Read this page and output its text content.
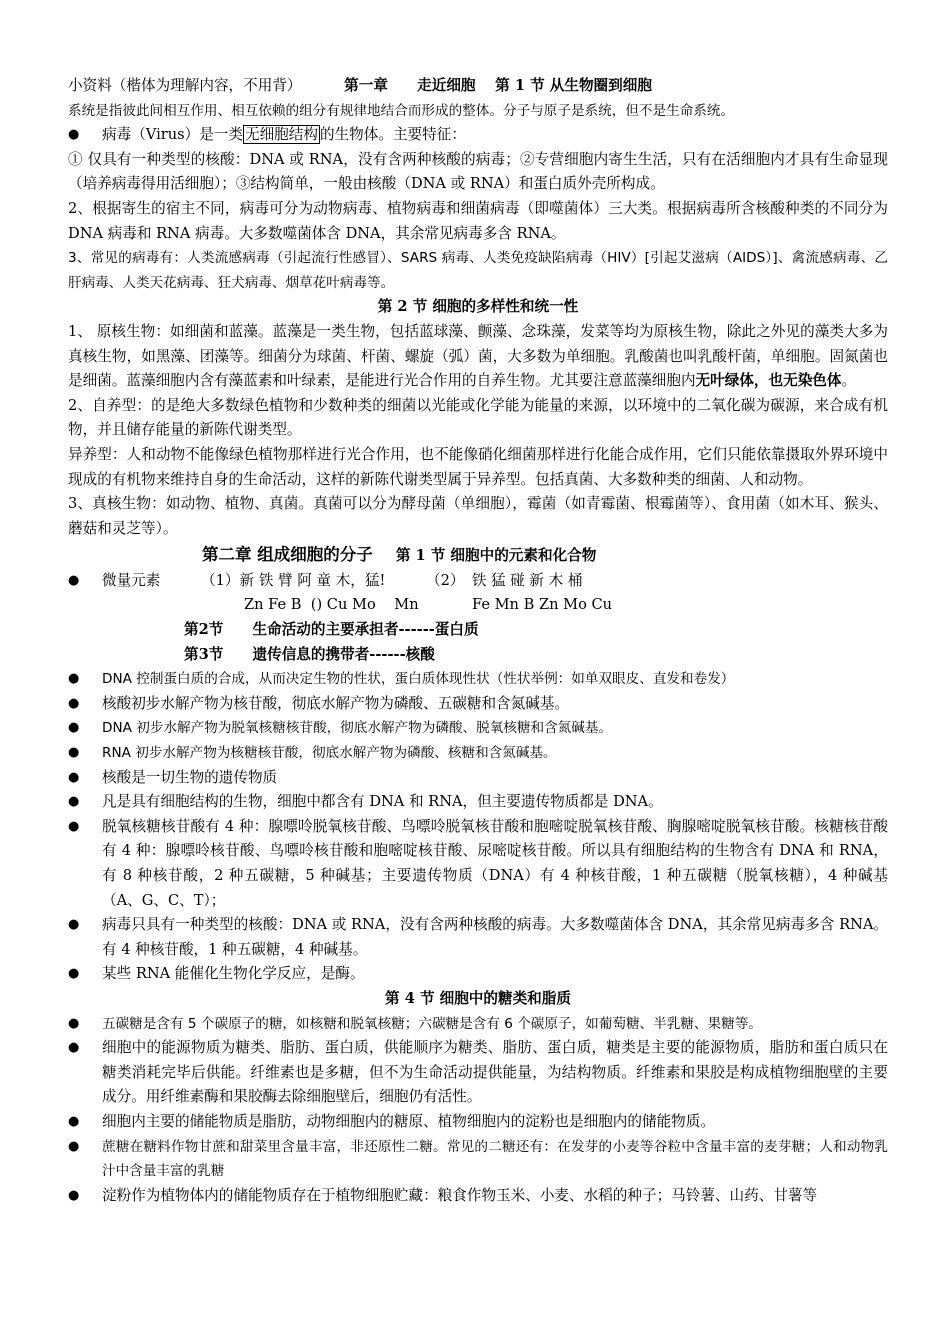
小资料（楷体为理解内容，不用背）	第一章　　走近细胞　 第 1 节 从生物圈到细胞

系统是指彼此间相互作用、相互依赖的组分有规律地结合而形成的整体。分子与原子是系统，但不是生命系统。

● 病毒（Virus）是一类 无细胞结构 的生物体。主要特征：

① 仅具有一种类型的核酸：DNA 或 RNA，没有含两种核酸的病毒；②专营细胞内寄生生活，只有在活细胞内才具有生命显现（培养病毒得用活细胞）；③结构简单，一般由核酸（DNA 或 RNA）和蛋白质外壳所构成。

2、根据寄生的宿主不同，病毒可分为动物病毒、植物病毒和细菌病毒（即噬菌体）三大类。根据病毒所含核酸种类的不同分为 DNA 病毒和 RNA 病毒。大多数噬菌体含 DNA，其余常见病毒多含 RNA。

3、常见的病毒有：人类流感病毒（引起流行性感冒）、SARS 病毒、人类免疫缺陷病毒（HIV）[引起艾滋病（AIDS）]、禽流感病毒、乙肝病毒、人类天花病毒、狂犬病毒、烟草花叶病毒等。

第 2 节 细胞的多样性和统一性

1、 原核生物：如细菌和蓝藻。蓝藻是一类生物，包括蓝球藻、颤藻、念珠藻，发菜等均为原核生物，除此之外见的藻类大多为真核生物，如黑藻、团藻等。细菌分为球菌、杆菌、螺旋（弧）菌，大多数为单细胞。乳酸菌也叫乳酸杆菌，单细胞。固氮菌也是细菌。蓝藻细胞内含有藻蓝素和叶绿素，是能进行光合作用的自养生物。尤其要注意蓝藻细胞内无叶绿体，也无染色体。

2、自养型：的是绝大多数绿色植物和少数种类的细菌以光能或化学能为能量的来源，以环境中的二氧化碳为碳源，来合成有机物，并且储存能量的新陈代谢类型。

异养型：人和动物不能像绿色植物那样进行光合作用，也不能像硝化细菌那样进行化能合成作用，它们只能依靠摄取外界环境中现成的有机物来维持自身的生命活动，这样的新陈代谢类型属于异养型。包括真菌、大多数种类的细菌、人和动物。

3、真核生物：如动物、植物、真菌。真菌可以分为酵母菌（单细胞），霉菌（如青霉菌、根霉菌等）、食用菌（如木耳、猴头、蘑菇和灵芝等）。

第二章 组成细胞的分子 第 1 节 细胞中的元素和化合物

● 微量元素	（1）新 铁 臂 阿 童 木，猛!	（2）　铁 猛 碰 新 木 桶

Zn Fe B  () Cu Mo    Mn	Fe Mn B Zn Mo Cu

第2节　　生命活动的主要承担者------蛋白质

第3节　　遗传信息的携带者------核酸

● DNA 控制蛋白质的合成，从而决定生物的性状，蛋白质体现性状（性状举例：如单双眼皮、直发和卷发）

● 核酸初步水解产物为核苷酸，彻底水解产物为磷酸、五碳糖和含氮碱基。

● DNA 初步水解产物为脱氧核糖核苷酸，彻底水解产物为磷酸、脱氧核糖和含氮碱基。

● RNA 初步水解产物为核糖核苷酸，彻底水解产物为磷酸、核糖和含氮碱基。

● 核酸是一切生物的遗传物质

● 凡是具有细胞结构的生物，细胞中都含有 DNA 和 RNA，但主要遗传物质都是 DNA。

● 脱氧核糖核苷酸有 4 种：腺嘌呤脱氧核苷酸、鸟嘌呤脱氧核苷酸和胞嘧啶脱氧核苷酸、胸腺嘧啶脱氧核苷酸。核糖核苷酸有 4 种：腺嘌呤核苷酸、鸟嘌呤核苷酸和胞嘧啶核苷酸、尿嘧啶核苷酸。所以具有细胞结构的生物含有 DNA 和 RNA，有 8 种核苷酸，2 种五碳糖，5 种碱基；主要遗传物质（DNA）有 4 种核苷酸，1 种五碳糖（脱氧核糖），4 种碱基（A、G、C、T）；

● 病毒只具有一种类型的核酸：DNA 或 RNA，没有含两种核酸的病毒。大多数噬菌体含 DNA，其余常见病毒多含 RNA。有 4 种核苷酸，1 种五碳糖，4 种碱基。

● 某些 RNA 能催化生物化学反应，是酶。

第 4 节 细胞中的糖类和脂质

● 五碳糖是含有 5 个碳原子的糖，如核糖和脱氧核糖；六碳糖是含有 6 个碳原子，如葡萄糖、半乳糖、果糖等。

● 细胞中的能源物质为糖类、脂肪、蛋白质，供能顺序为糖类、脂肪、蛋白质，糖类是主要的能源物质，脂肪和蛋白质只在糖类消耗完毕后供能。纤维素也是多糖，但不为生命活动提供能量，为结构物质。纤维素和果胶是构成植物细胞壁的主要成分。用纤维素酶和果胶酶去除细胞壁后，细胞仍有活性。

● 细胞内主要的储能物质是脂肪，动物细胞内的糖原、植物细胞内的淀粉也是细胞内的储能物质。

● 蔗糖在糖料作物甘蔗和甜菜里含量丰富，非还原性二糖。常见的二糖还有：在发芽的小麦等谷粒中含量丰富的麦芽糖；人和动物乳汁中含量丰富的乳糖

● 淀粉作为植物体内的储能物质存在于植物细胞贮藏：粮食作物玉米、小麦、水稻的种子；马铃薯、山药、甘薯等
